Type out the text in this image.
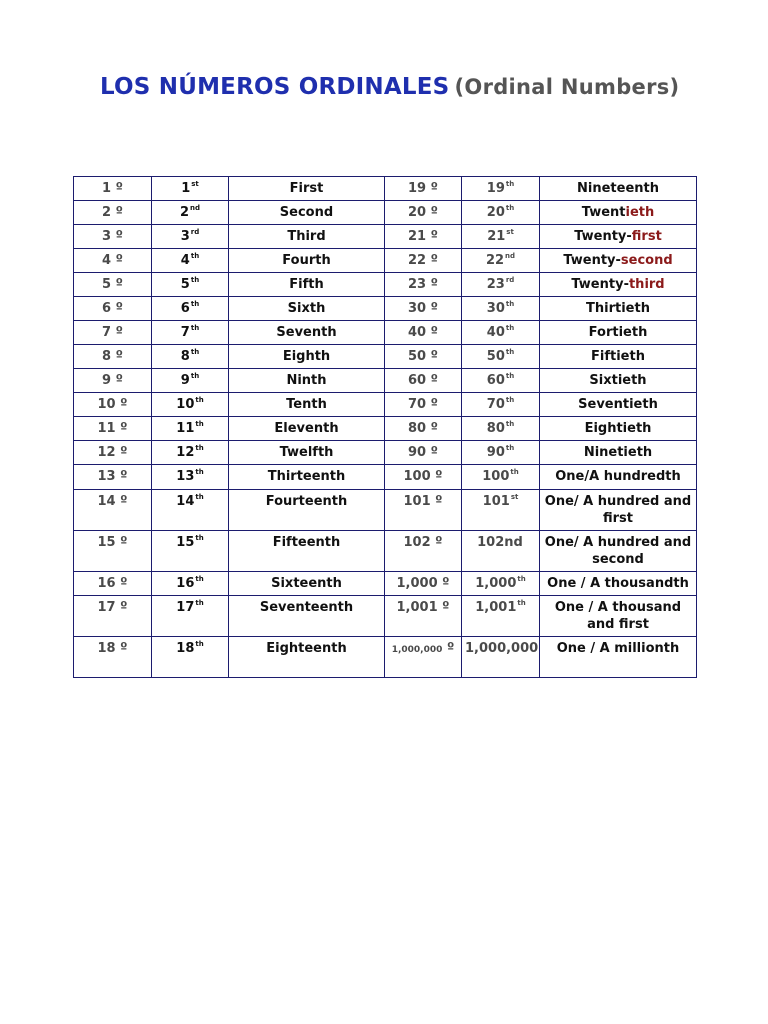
LOS NÚMEROS ORDINALES (Ordinal Numbers)
1 º	1st	First	19 º	19th	Nineteenth
2 º	2nd	Second	20 º	20th	Twentieth
3 º	3rd	Third	21 º	21st	Twenty-first
4 º	4th	Fourth	22 º	22nd	Twenty-second
5 º	5th	Fifth	23 º	23rd	Twenty-third
6 º	6th	Sixth	30 º	30th	Thirtieth
7 º	7th	Seventh	40 º	40th	Fortieth
8 º	8th	Eighth	50 º	50th	Fiftieth
9 º	9th	Ninth	60 º	60th	Sixtieth
10 º	10th	Tenth	70 º	70th	Seventieth
11 º	11th	Eleventh	80 º	80th	Eightieth
12 º	12th	Twelfth	90 º	90th	Ninetieth
13 º	13th	Thirteenth	100 º	100th	One/A hundredth
14 º	14th	Fourteenth	101 º	101st	One/ A hundred and first
15 º	15th	Fifteenth	102 º	102nd	One/ A hundred and second
16 º	16th	Sixteenth	1,000 º	1,000th	One / A thousandth
17 º	17th	Seventeenth	1,001 º	1,001th	One / A thousand and first
18 º	18th	Eighteenth	1,000,000 º	1,000,000	One / A millionth
